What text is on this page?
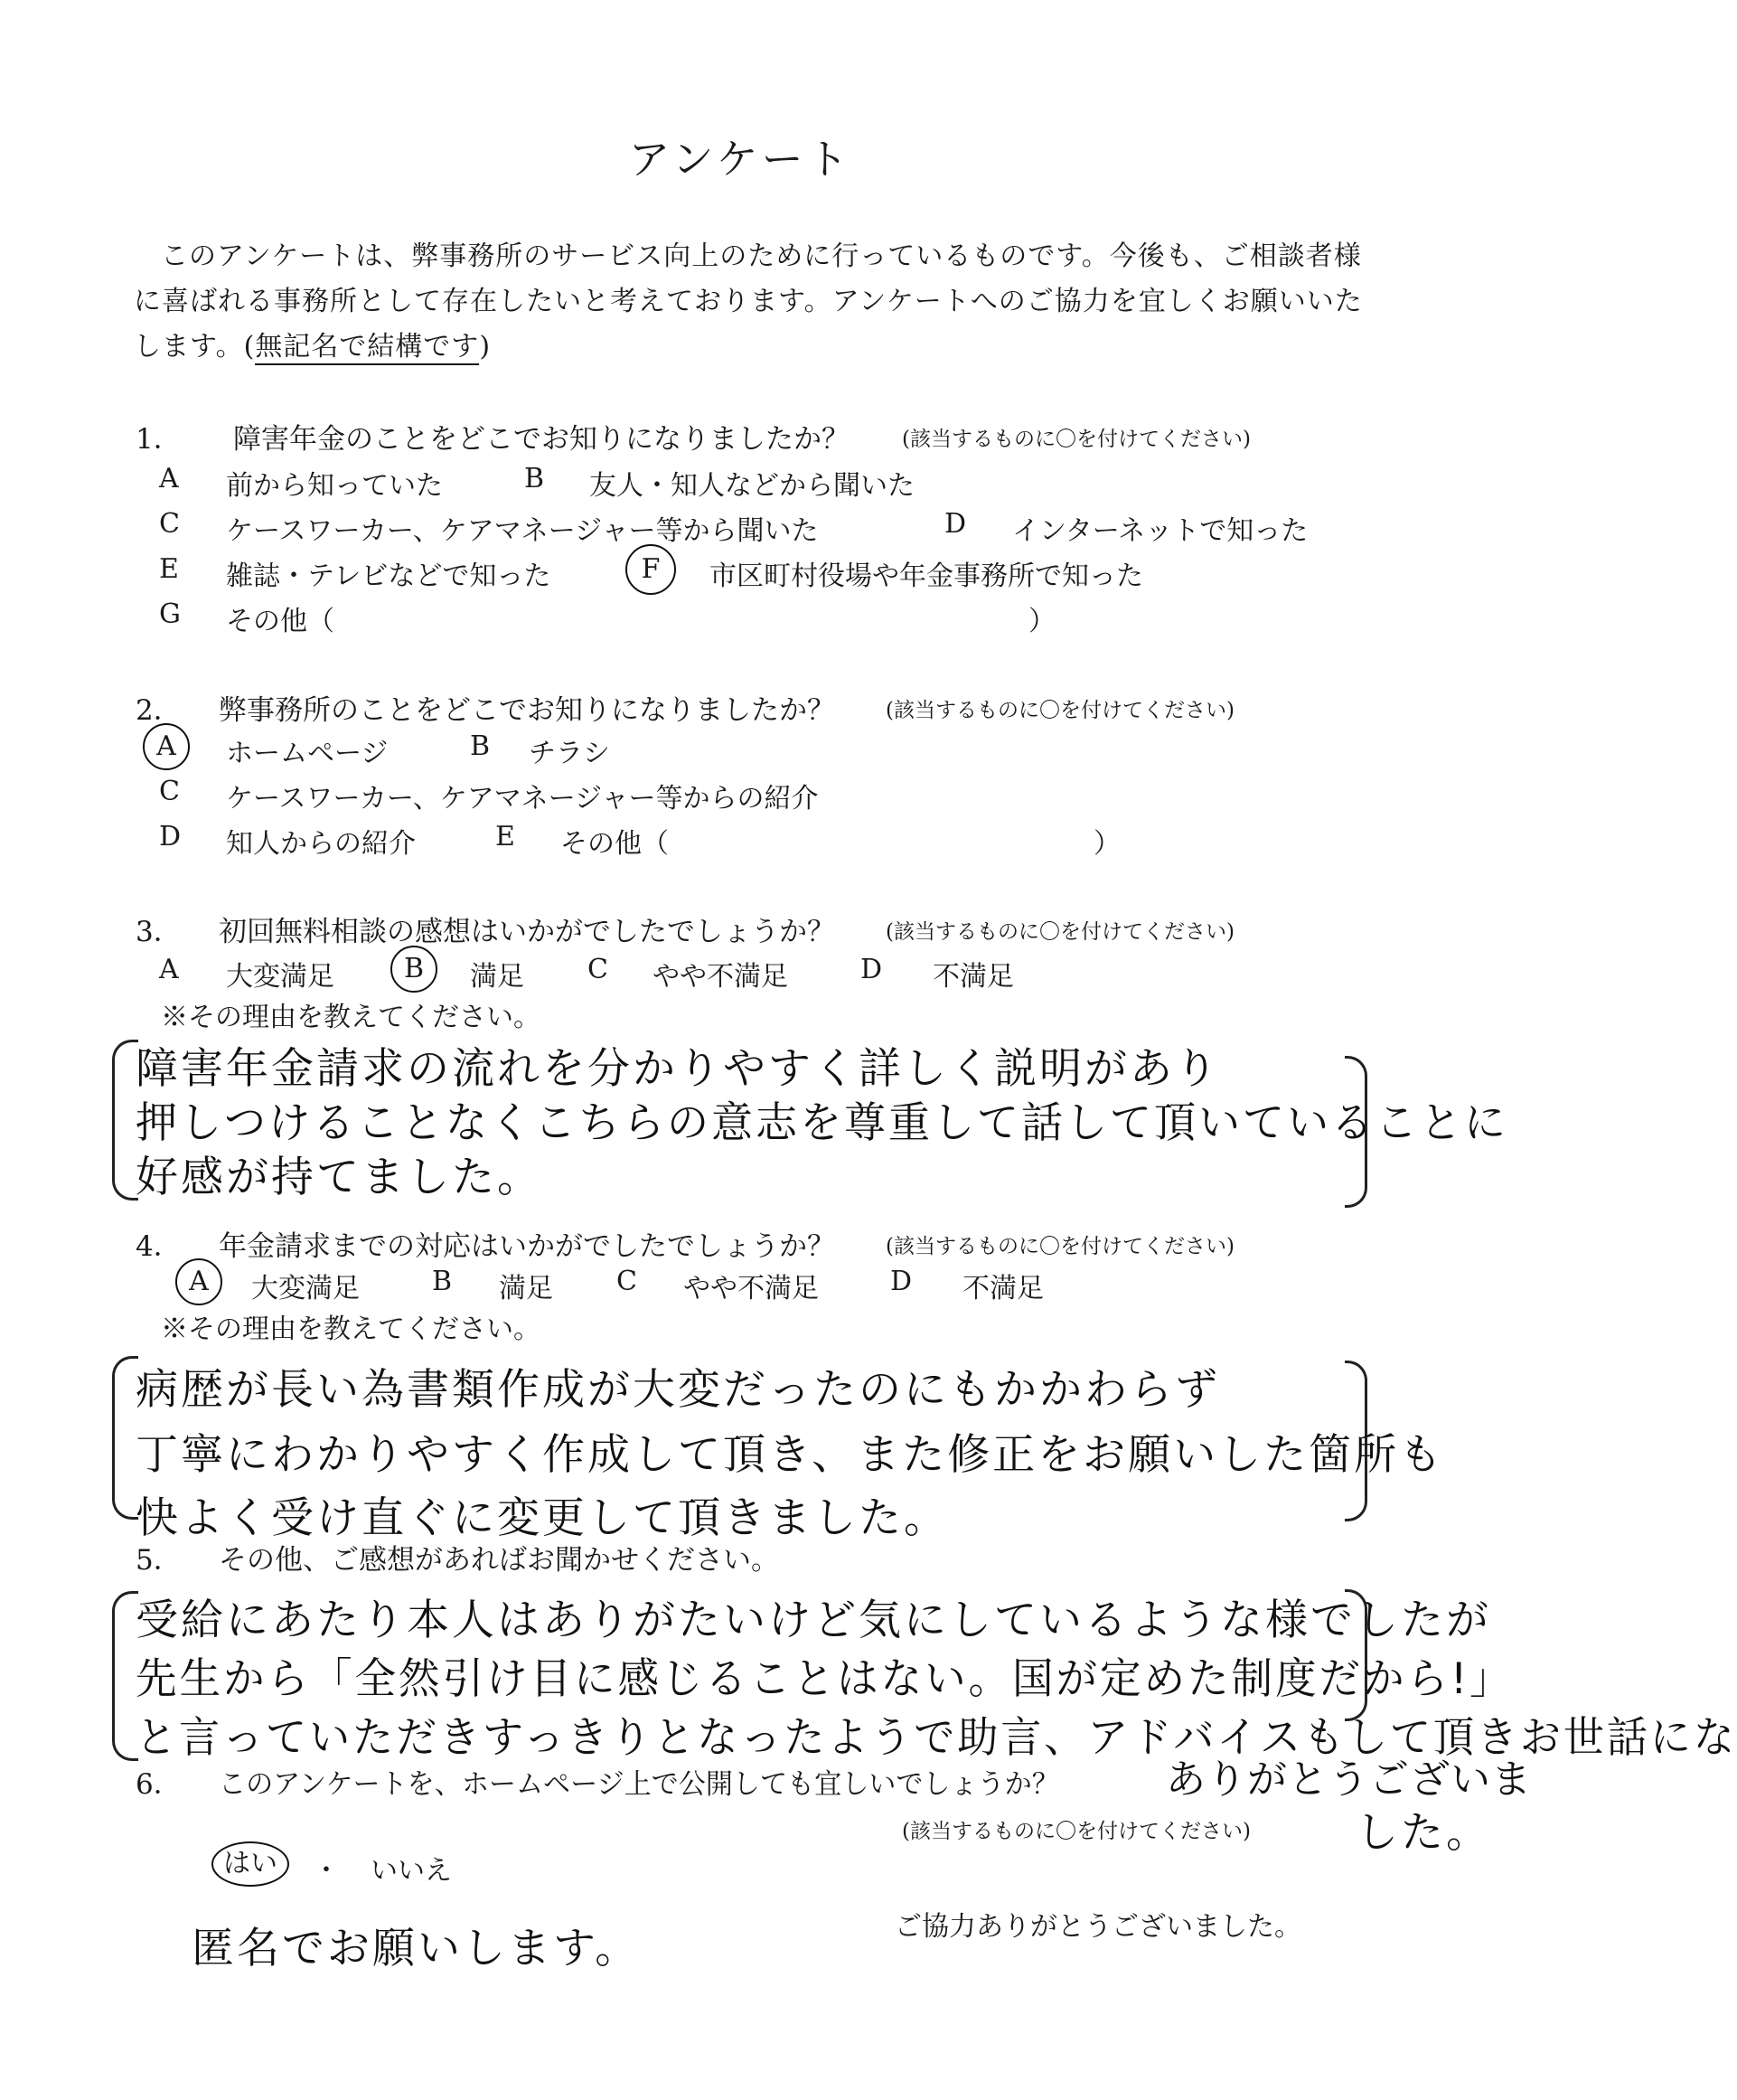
アンケート
このアンケートは、弊事務所のサービス向上のために行っているものです。今後も、ご相談者様
に喜ばれる事務所として存在したいと考えております。アンケートへのご協力を宜しくお願いいた
します。(無記名で結構です)
1． 障害年金のことをどこでお知りになりましたか？	(該当するものに〇を付けてください)
A 前から知っていた	B 友人・知人などから聞いた
C ケースワーカー、ケアマネージャー等から聞いた	D インターネットで知った
E 雑誌・テレビなどで知った	F	市区町村役場や年金事務所で知った
G その他（	）
2． 弊事務所のことをどこでお知りになりましたか？ (該当するものに〇を付けてください)
A	ホームページ	B チラシ
C ケースワーカー、ケアマネージャー等からの紹介
D 知人からの紹介	E その他（	）
3． 初回無料相談の感想はいかがでしたでしょうか？ (該当するものに〇を付けてください)
A 大変満足	B	満足 C やや不満足	D 不満足
※その理由を教えてください。
障害年金請求の流れを分かりやすく詳しく説明があり
押しつけることなくこちらの意志を尊重して話して頂いていることに
好感が持てました。
4． 年金請求までの対応はいかがでしたでしょうか？ (該当するものに〇を付けてください)
A	大変満足	B 満足 C やや不満足	D 不満足
※その理由を教えてください。
病歴が長い為書類作成が大変だったのにもかかわらず
丁寧にわかりやすく作成して頂き、また修正をお願いした箇所も
快よく受け直ぐに変更して頂きました。
5． その他、ご感想があればお聞かせください。
受給にあたり本人はありがたいけど気にしているような様でしたが
先生から「全然引け目に感じることはない。国が定めた制度だから!」
と言っていただきすっきりとなったようで助言、アドバイスもして頂きお世話にな
ありがとうございま
した。
6． このアンケートを、ホームページ上で公開しても宜しいでしょうか？
(該当するものに〇を付けてください)
はい	・ いいえ
匿名でお願いします。	ご協力ありがとうございました。
